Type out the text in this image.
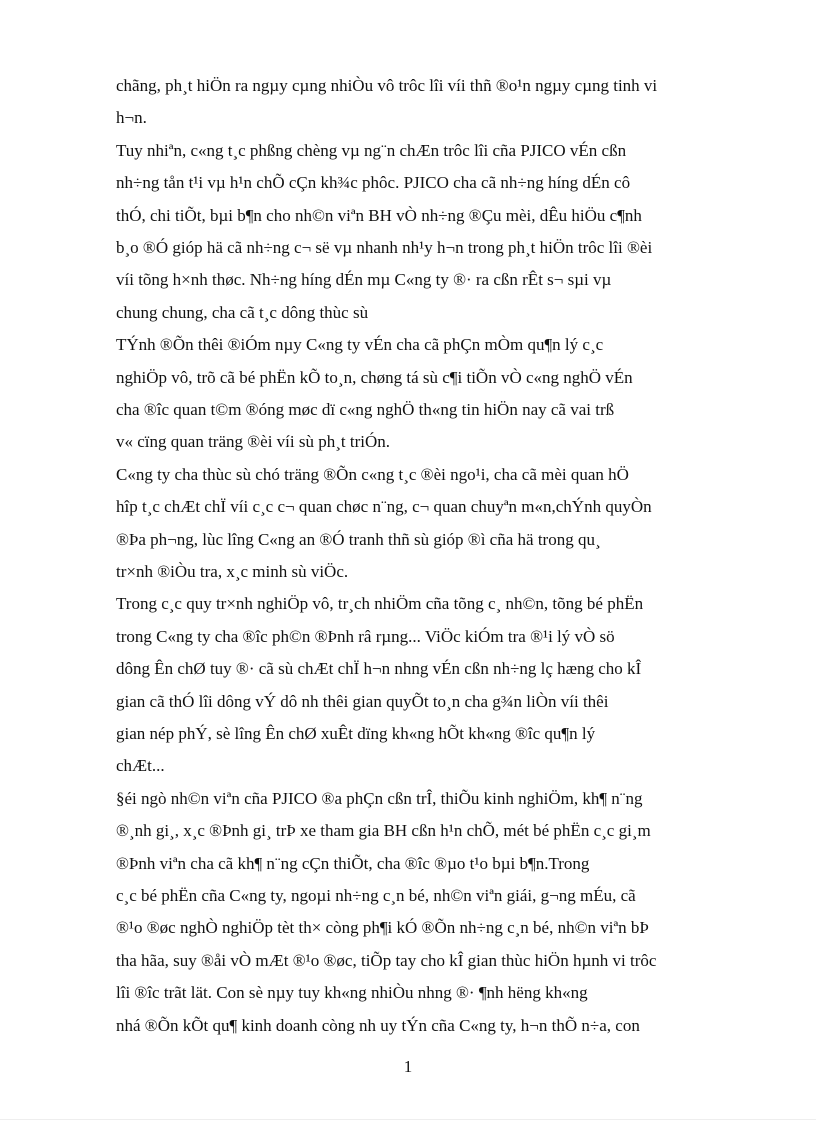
chãng, ph¸t hiÖn ra ngµy cµng nhiÒu vô trôc lîi víi thñ ®o¹n ngµy cµng tinh vi
h¬n.
Tuy nhiªn, c«ng t¸c phßng chèng vµ ng¨n chÆn trôc lîi cña PJICO vÉn cßn
nh÷ng tån t¹i vµ h¹n chÕ cÇn kh¾c phôc. PJICO cha cã nh÷ng híng dÉn cô
thÓ, chi tiÕt, bµi b¶n cho nh©n viªn BH vÒ nh÷ng ®Çu mèi, dÊu hiÖu c¶nh
b¸o ®Ó gióp hä cã nh÷ng c¬ së vµ nhanh nh¹y h¬n trong ph¸t hiÖn trôc lîi ®èi
víi tõng h×nh thøc. Nh÷ng híng dÉn mµ C«ng ty ®· ra cßn rÊt s¬ sµi vµ
chung chung, cha cã t¸c dông thùc sù
TÝnh ®Õn thêi ®iÓm nµy C«ng ty vÉn cha cã phÇn mÒm qu¶n lý c¸c
nghiÖp vô, trõ cã bé phËn kÕ to¸n, chøng tá sù c¶i tiÕn vÒ c«ng nghÖ vÉn
cha ®îc quan t©m ®óng møc dï c«ng nghÖ th«ng tin hiÖn nay cã vai trß
v« cïng quan träng ®èi víi sù ph¸t triÓn.
C«ng ty cha thùc sù chó träng ®Õn c«ng t¸c ®èi ngo¹i, cha cã mèi quan hÖ
hîp t¸c chÆt chÏ víi c¸c c¬ quan chøc n¨ng, c¬ quan chuyªn m«n,chÝnh quyÒn
®Þa ph¬ng, lùc lîng C«ng an ®Ó tranh thñ sù gióp ®ì cña hä trong qu¸
tr×nh ®iÒu tra, x¸c minh sù viÖc.
Trong c¸c quy tr×nh nghiÖp vô, tr¸ch nhiÖm cña tõng c¸ nh©n, tõng bé phËn
trong C«ng ty cha ®îc ph©n ®Þnh râ rµng... ViÖc kiÓm tra ®¹i lý vÒ sö
dông Ên chØ tuy ®· cã sù chÆt chÏ h¬n nhng vÉn cßn nh÷ng lç hæng cho kÎ
gian cã thÓ lîi dông vÝ dô nh thêi gian quyÕt to¸n cha g¾n liÒn víi thêi
gian nép phÝ, sè lîng Ên chØ xuÊt dïng kh«ng hÕt kh«ng ®îc qu¶n lý
chÆt...
§éi ngò nh©n viªn cña PJICO ®a phÇn cßn trÎ, thiÕu kinh nghiÖm, kh¶ n¨ng
®¸nh gi¸, x¸c ®Þnh gi¸ trÞ xe tham gia BH cßn h¹n chÕ, mét bé phËn c¸c gi¸m
®Þnh viªn cha cã kh¶ n¨ng cÇn thiÕt, cha ®îc ®µo t¹o bµi b¶n.Trong
c¸c bé phËn cña C«ng ty, ngoµi nh÷ng c¸n bé, nh©n viªn giái, g¬ng mÉu, cã
®¹o ®øc nghÒ nghiÖp tèt th× còng ph¶i kÓ ®Õn nh÷ng c¸n bé, nh©n viªn bÞ
tha hãa, suy ®åi vÒ mÆt ®¹o ®øc, tiÕp tay cho kÎ gian thùc hiÖn hµnh vi trôc
lîi ®îc trãt lät. Con sè nµy tuy kh«ng nhiÒu nhng ®· ¶nh hëng kh«ng
nhá ®Õn kÕt qu¶ kinh doanh còng nh uy tÝn cña C«ng ty, h¬n thÕ n÷a, con
1
